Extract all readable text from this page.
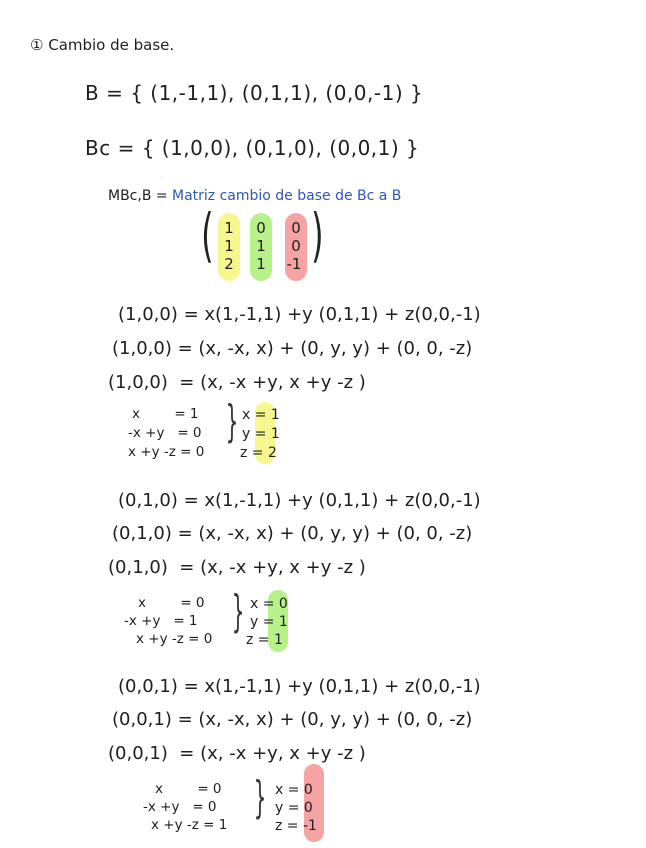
① Cambio de base.
B = { (1,-1,1), (0,1,1), (0,0,-1) }
Bc = { (1,0,0), (0,1,0), (0,0,1) }
MBc,B = Matriz cambio de base de Bc a B
( )
1
1
2
0
1
1
0
0
-1
(1,0,0) = x(1,-1,1) +y (0,1,1) + z(0,0,-1)
(1,0,0) = (x, -x, x) + (0, y, y) + (0, 0, -z)
(1,0,0)  = (x, -x +y, x +y -z )
x        = 1
-x +y   = 0
x +y -z = 0
} x = 1
y = 1
z = 2
(0,1,0) = x(1,-1,1) +y (0,1,1) + z(0,0,-1)
(0,1,0) = (x, -x, x) + (0, y, y) + (0, 0, -z)
(0,1,0)  = (x, -x +y, x +y -z )
x        = 0
-x +y   = 1
x +y -z = 0
} x = 0
y = 1
z = 1
(0,0,1) = x(1,-1,1) +y (0,1,1) + z(0,0,-1)
(0,0,1) = (x, -x, x) + (0, y, y) + (0, 0, -z)
(0,0,1)  = (x, -x +y, x +y -z )
x        = 0
-x +y   = 0
x +y -z = 1
} x = 0
y = 0
z = -1
